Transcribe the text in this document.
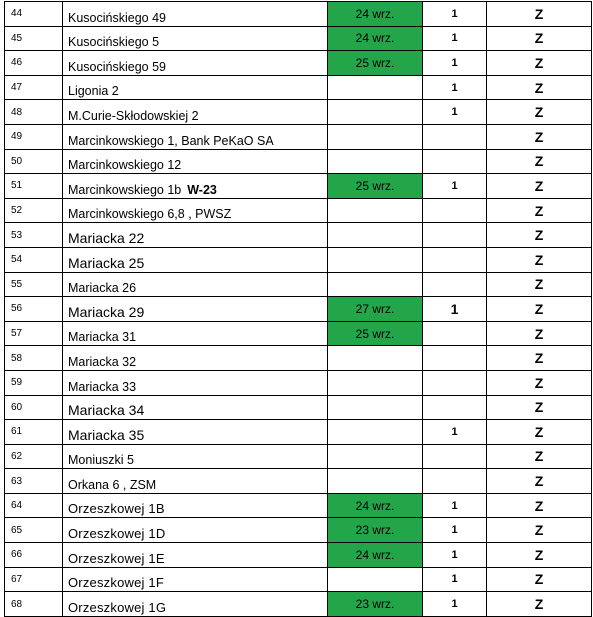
44	Kusocińskiego 49	24 wrz.	1	Z
45	Kusocińskiego 5	24 wrz.	1	Z
46	Kusocińskiego 59	25 wrz.	1	Z
47	Ligonia 2		1	Z
48	M.Curie-Skłodowskiej 2		1	Z
49	Marcinkowskiego 1, Bank PeKaO SA			Z
50	Marcinkowskiego 12			Z
51	Marcinkowskiego 1b W-23	25 wrz.	1	Z
52	Marcinkowskiego 6,8 , PWSZ			Z
53	Mariacka 22			Z
54	Mariacka 25			Z
55	Mariacka 26			Z
56	Mariacka 29	27 wrz.	1	Z
57	Mariacka 31	25 wrz.		Z
58	Mariacka 32			Z
59	Mariacka 33			Z
60	Mariacka 34			Z
61	Mariacka 35		1	Z
62	Moniuszki 5			Z
63	Orkana 6 , ZSM			Z
64	Orzeszkowej 1B	24 wrz.	1	Z
65	Orzeszkowej 1D	23 wrz.	1	Z
66	Orzeszkowej 1E	24 wrz.	1	Z
67	Orzeszkowej 1F		1	Z
68	Orzeszkowej 1G	23 wrz.	1	Z
